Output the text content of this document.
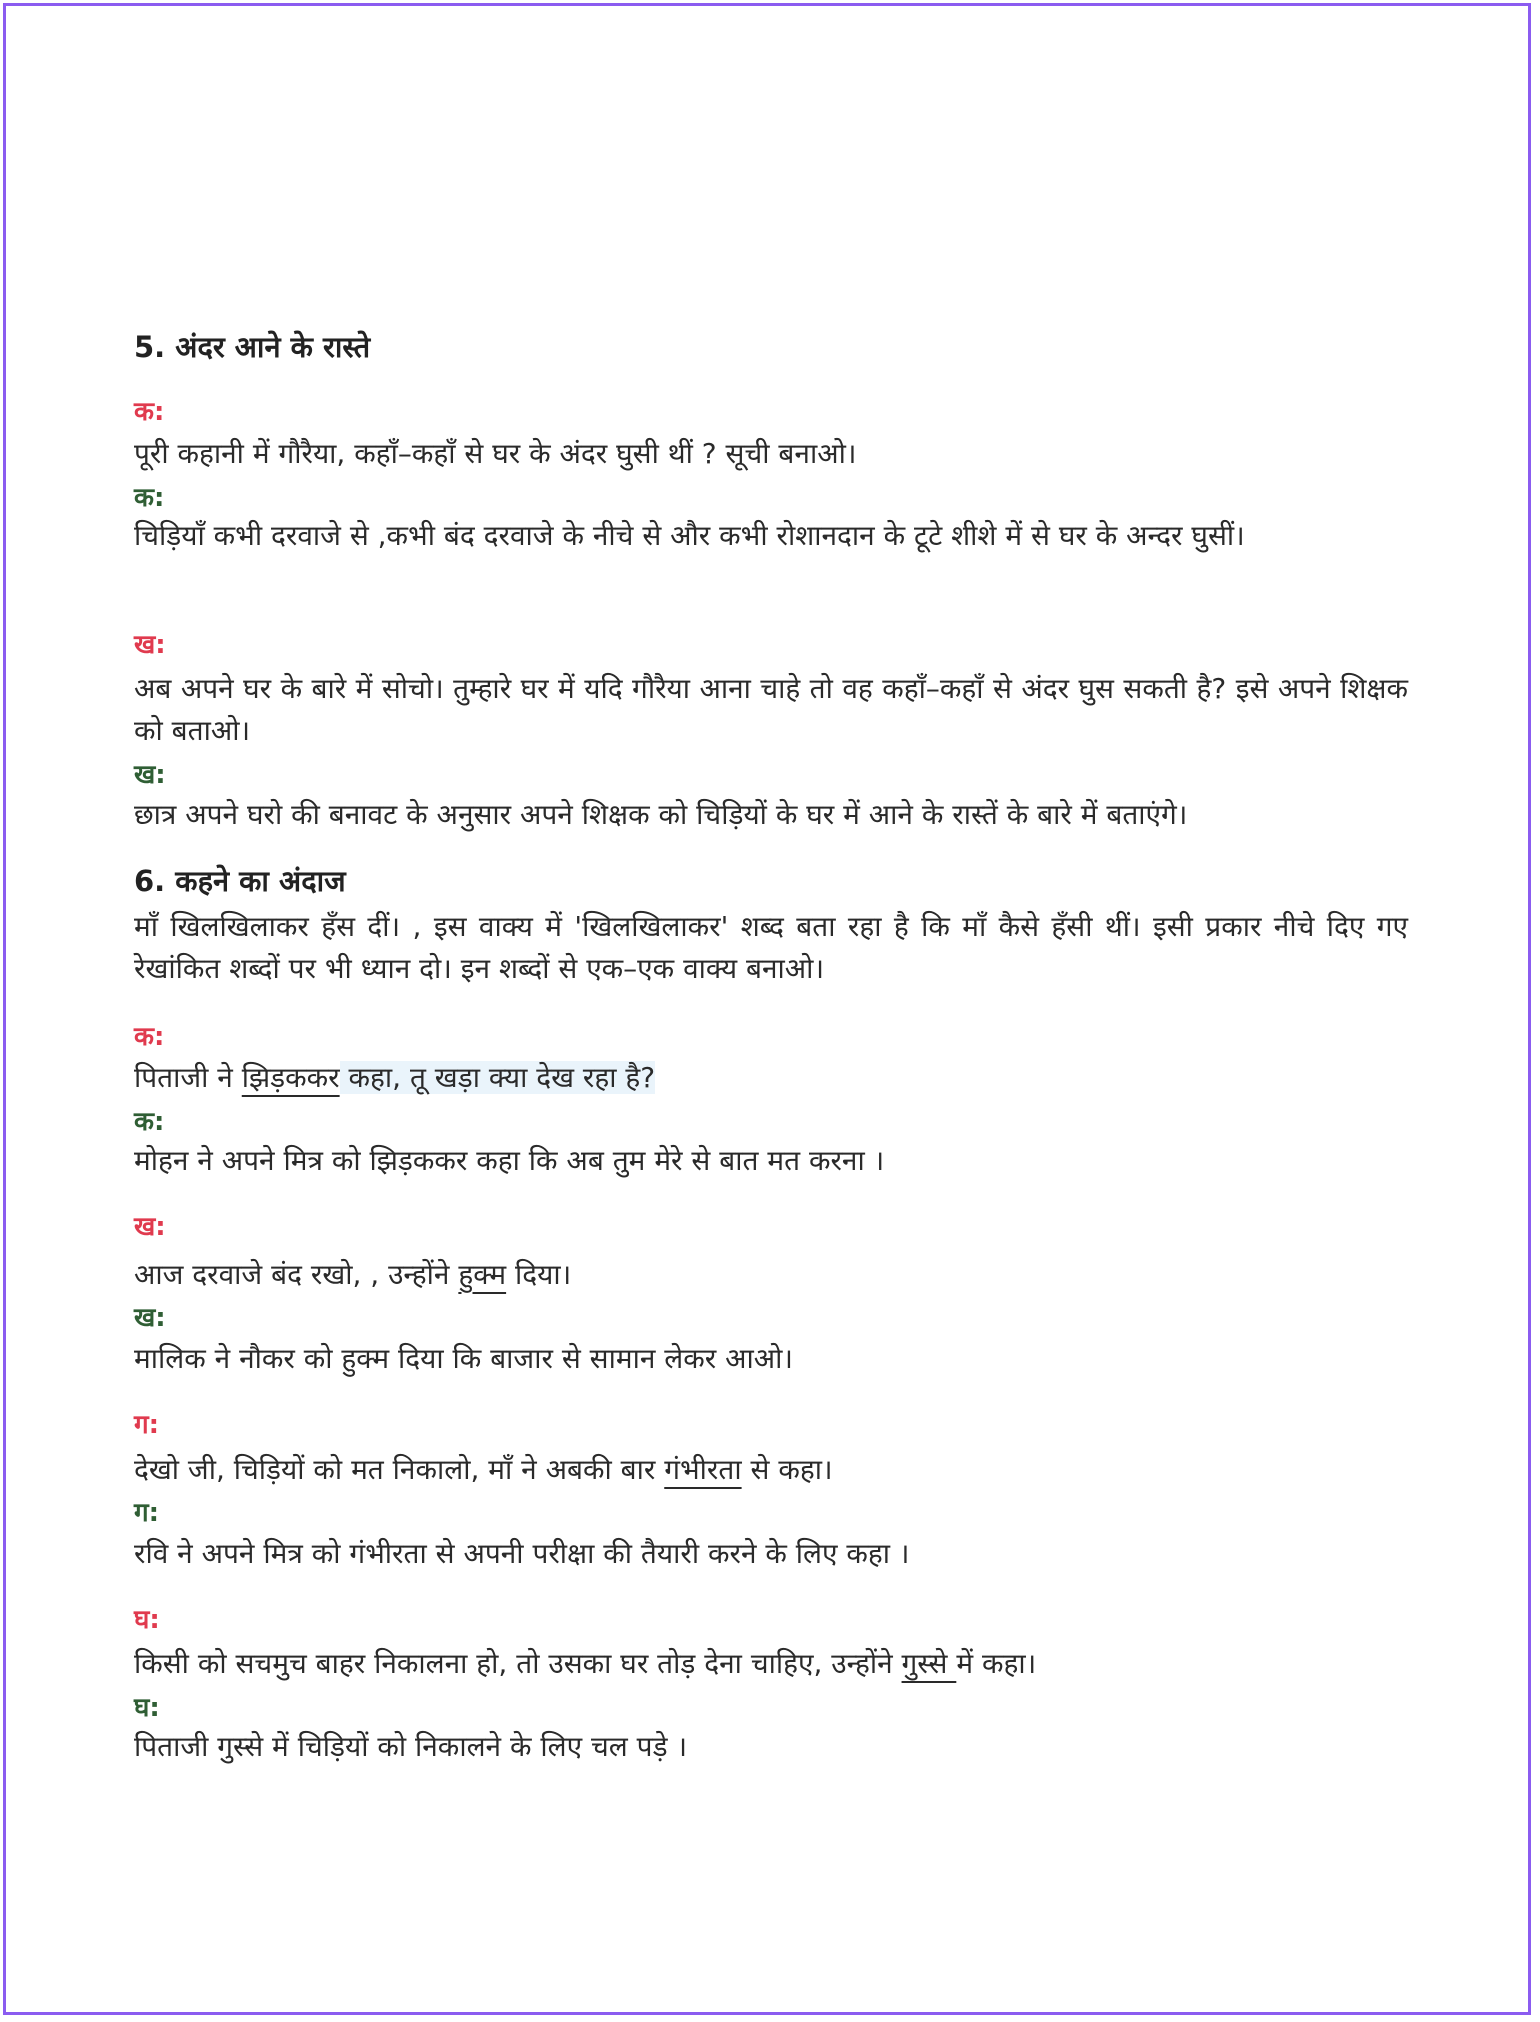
5. अंदर आने के रास्ते
क:
पूरी कहानी में गौरैया, कहाँ–कहाँ से घर के अंदर घुसी थीं ? सूची बनाओ।
क:
चिड़ियॉं कभी दरवाजे से ,कभी बंद दरवाजे के नीचे से और कभी रोशानदान के टूटे शीशे में से घर के अन्दर घुसीं।
ख:
अब अपने घर के बारे में सोचो। तुम्हारे घर में यदि गौरैया आना चाहे तो वह कहाँ–कहाँ से अंदर घुस सकती है? इसे अपने शिक्षक को बताओ।
ख:
छात्र अपने घरो की बनावट के अनुसार अपने शिक्षक को चिड़ियों के घर में आने के रास्तें के बारे में बताएंगे।
6. कहने का अंदाज
माँ खिलखिलाकर हँस दीं। , इस वाक्य में 'खिलखिलाकर' शब्द बता रहा है कि माँ कैसे हँसी थीं। इसी प्रकार नीचे दिए गए रेखांकित शब्दों पर भी ध्यान दो। इन शब्दों से एक–एक वाक्य बनाओ।
क:
पिताजी ने झिड़ककर कहा, तू खड़ा क्या देख रहा है?
क:
मोहन ने अपने मित्र को झिड़ककर कहा कि अब तुम मेरे से बात मत करना ।
ख:
आज दरवाजे बंद रखो, , उन्होंने हुक्म दिया।
ख:
मालिक ने नौकर को हुक्म दिया कि बाजार से सामान लेकर आओ।
ग:
देखो जी, चिड़ियों को मत निकालो, माँ ने अबकी बार गंभीरता से कहा।
ग:
रवि ने अपने मित्र को गंभीरता से अपनी परीक्षा की तैयारी करने के लिए कहा ।
घ:
किसी को सचमुच बाहर निकालना हो, तो उसका घर तोड़ देना चाहिए, उन्होंने गुस्से में कहा।
घ:
पिताजी गुस्से में चिड़ियों को निकालने के लिए चल पड़े ।
